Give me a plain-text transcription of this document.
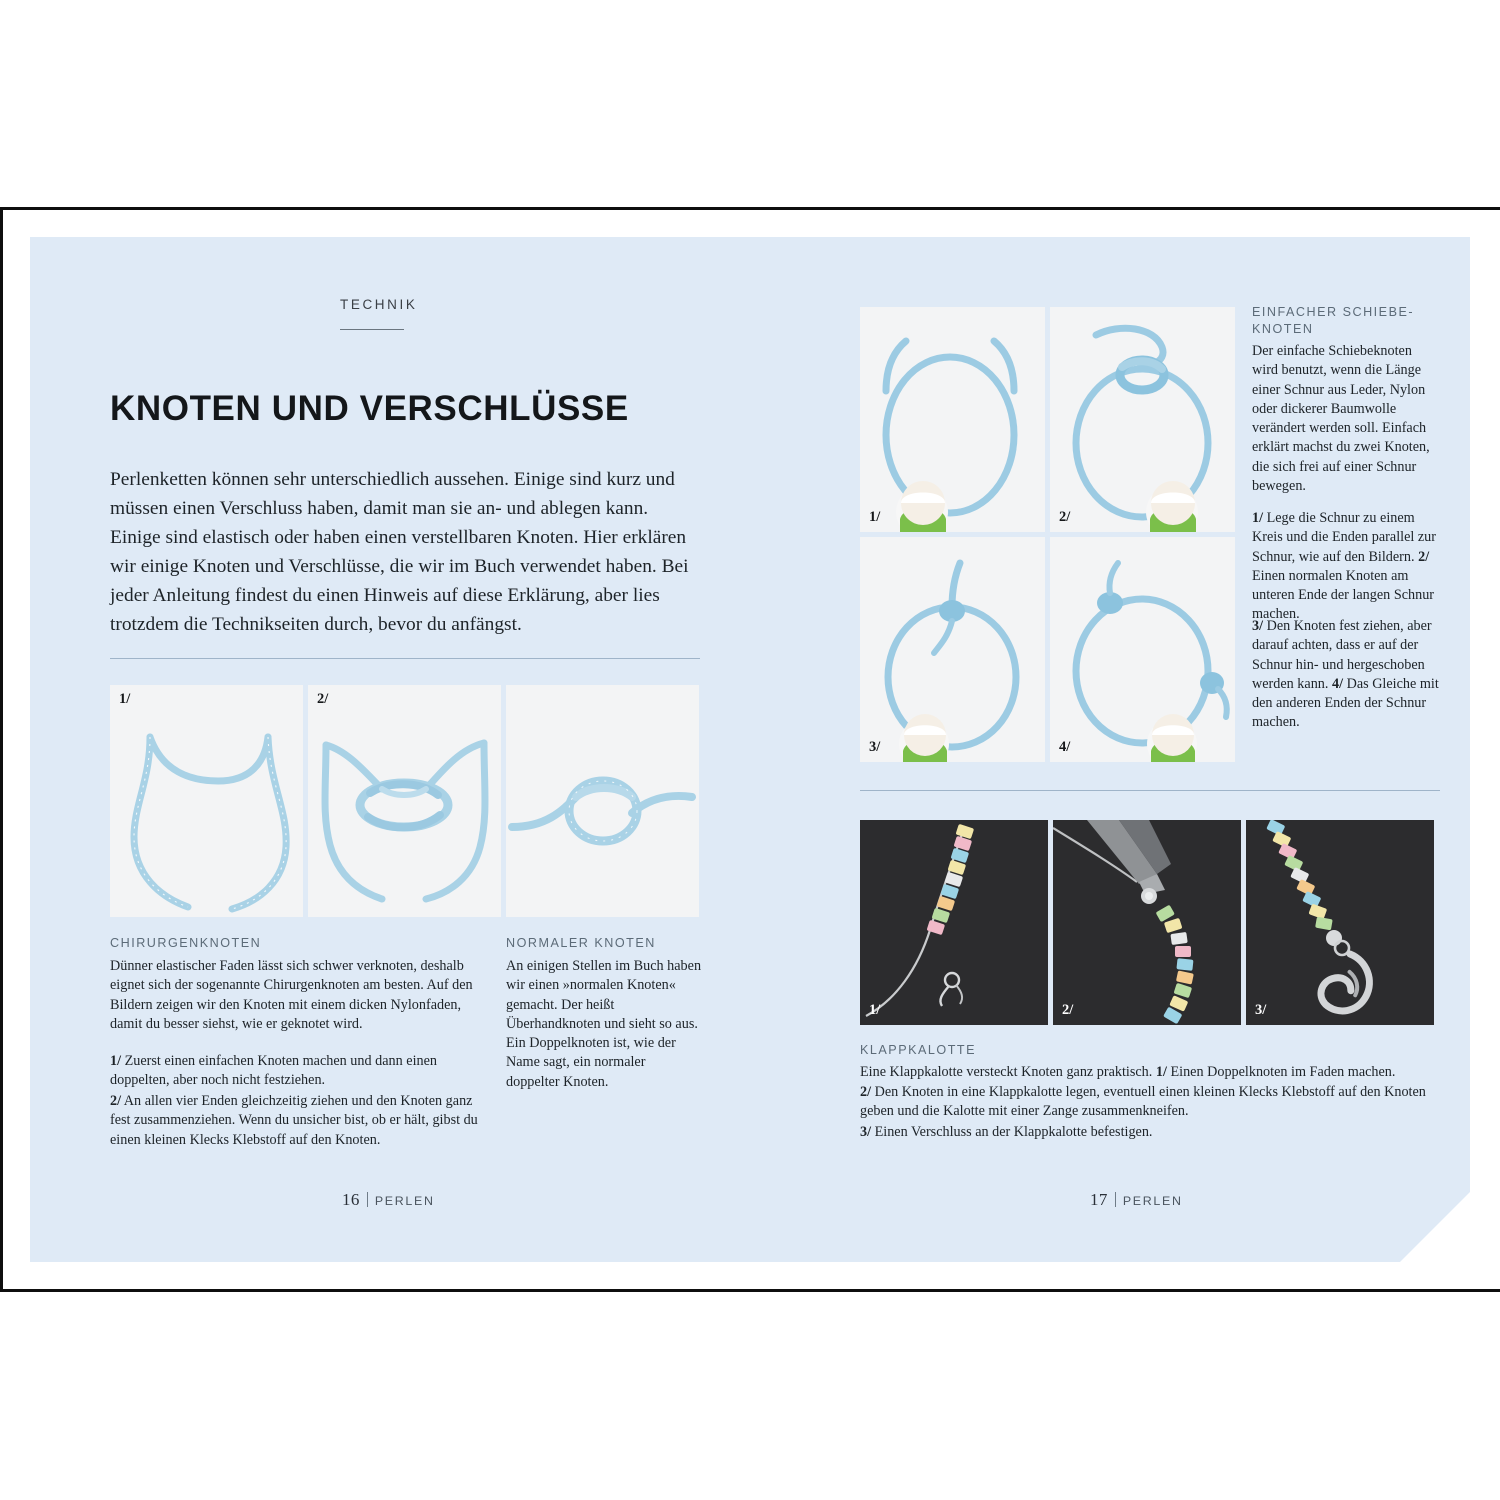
TECHNIK
KNOTEN UND VERSCHLÜSSE
Perlenketten können sehr unterschiedlich aussehen. Einige sind kurz und müssen einen Verschluss haben, damit man sie an- und ablegen kann. Einige sind elastisch oder haben einen verstellbaren Knoten. Hier erklären wir einige Knoten und Verschlüsse, die wir im Buch verwendet haben. Bei jeder Anleitung findest du einen Hinweis auf diese Erklärung, aber lies trotzdem die Technikseiten durch, bevor du anfängst.
1/	2/
CHIRURGENKNOTEN
Dünner elastischer Faden lässt sich schwer verknoten, deshalb eignet sich der sogenannte Chirurgenknoten am besten. Auf den Bildern zeigen wir den Knoten mit einem dicken Nylonfaden, damit du besser siehst, wie er geknotet wird.
1/ Zuerst einen einfachen Knoten machen und dann einen doppelten, aber noch nicht festziehen.
2/ An allen vier Enden gleichzeitig ziehen und den Knoten ganz fest zusammenziehen. Wenn du unsicher bist, ob er hält, gibst du einen kleinen Klecks Klebstoff auf den Knoten.
NORMALER KNOTEN
An einigen Stellen im Buch haben wir einen »normalen Knoten« gemacht. Der heißt Überhandknoten und sieht so aus. Ein Doppelknoten ist, wie der Name sagt, ein normaler doppelter Knoten.
16 PERLEN
1/	2/
3/	4/
EINFACHER SCHIEBE-KNOTEN
Der einfache Schiebeknoten wird benutzt, wenn die Länge einer Schnur aus Leder, Nylon oder dickerer Baumwolle verändert werden soll. Einfach erklärt machst du zwei Knoten, die sich frei auf einer Schnur bewegen.
1/ Lege die Schnur zu einem Kreis und die Enden parallel zur Schnur, wie auf den Bildern. 2/ Einen normalen Knoten am unteren Ende der langen Schnur machen.
3/ Den Knoten fest ziehen, aber darauf achten, dass er auf der Schnur hin- und hergeschoben werden kann. 4/ Das Gleiche mit den anderen Enden der Schnur machen.
1/	2/	3/
KLAPPKALOTTE
Eine Klappkalotte versteckt Knoten ganz praktisch. 1/ Einen Doppelknoten im Faden machen.
2/ Den Knoten in eine Klappkalotte legen, eventuell einen kleinen Klecks Klebstoff auf den Knoten geben und die Kalotte mit einer Zange zusammenkneifen.
3/ Einen Verschluss an der Klappkalotte befestigen.
17 PERLEN
